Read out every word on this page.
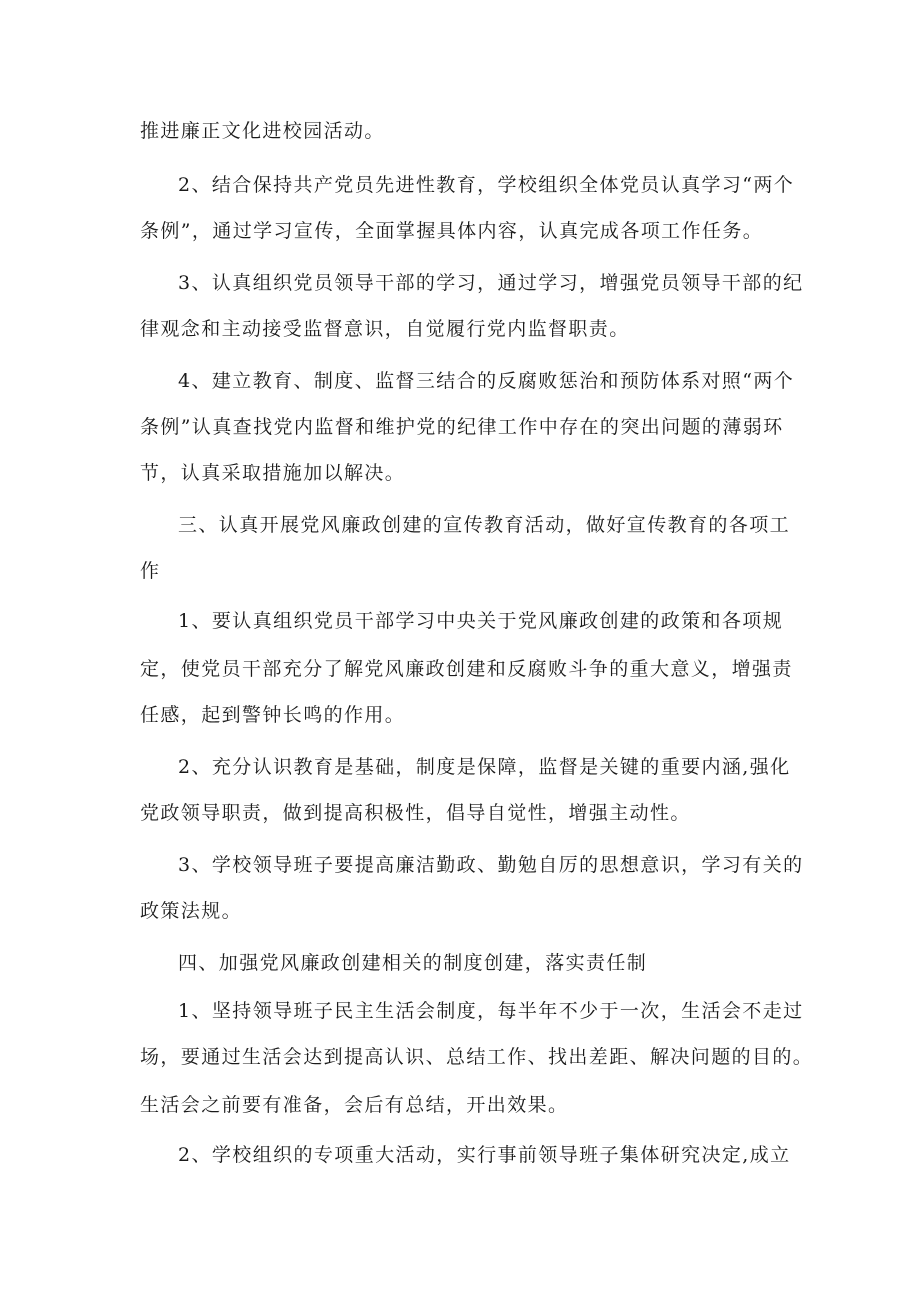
推进廉正文化进校园活动。

2、结合保持共产党员先进性教育，学校组织全体党员认真学习“两个

条例”，通过学习宣传，全面掌握具体内容，认真完成各项工作任务。

3、认真组织党员领导干部的学习，通过学习，增强党员领导干部的纪

律观念和主动接受监督意识，自觉履行党内监督职责。

4、建立教育、制度、监督三结合的反腐败惩治和预防体系对照“两个

条例”认真查找党内监督和维护党的纪律工作中存在的突出问题的薄弱环

节，认真采取措施加以解决。

三、认真开展党风廉政创建的宣传教育活动，做好宣传教育的各项工

作

1、要认真组织党员干部学习中央关于党风廉政创建的政策和各项规

定，使党员干部充分了解党风廉政创建和反腐败斗争的重大意义，增强责

任感，起到警钟长鸣的作用。

2、充分认识教育是基础，制度是保障，监督是关键的重要内涵,强化

党政领导职责，做到提高积极性，倡导自觉性，增强主动性。

3、学校领导班子要提高廉洁勤政、勤勉自厉的思想意识，学习有关的

政策法规。

四、加强党风廉政创建相关的制度创建，落实责任制

1、坚持领导班子民主生活会制度，每半年不少于一次，生活会不走过

场，要通过生活会达到提高认识、总结工作、找出差距、解决问题的目的。

生活会之前要有准备，会后有总结，开出效果。

2、学校组织的专项重大活动，实行事前领导班子集体研究决定,成立
